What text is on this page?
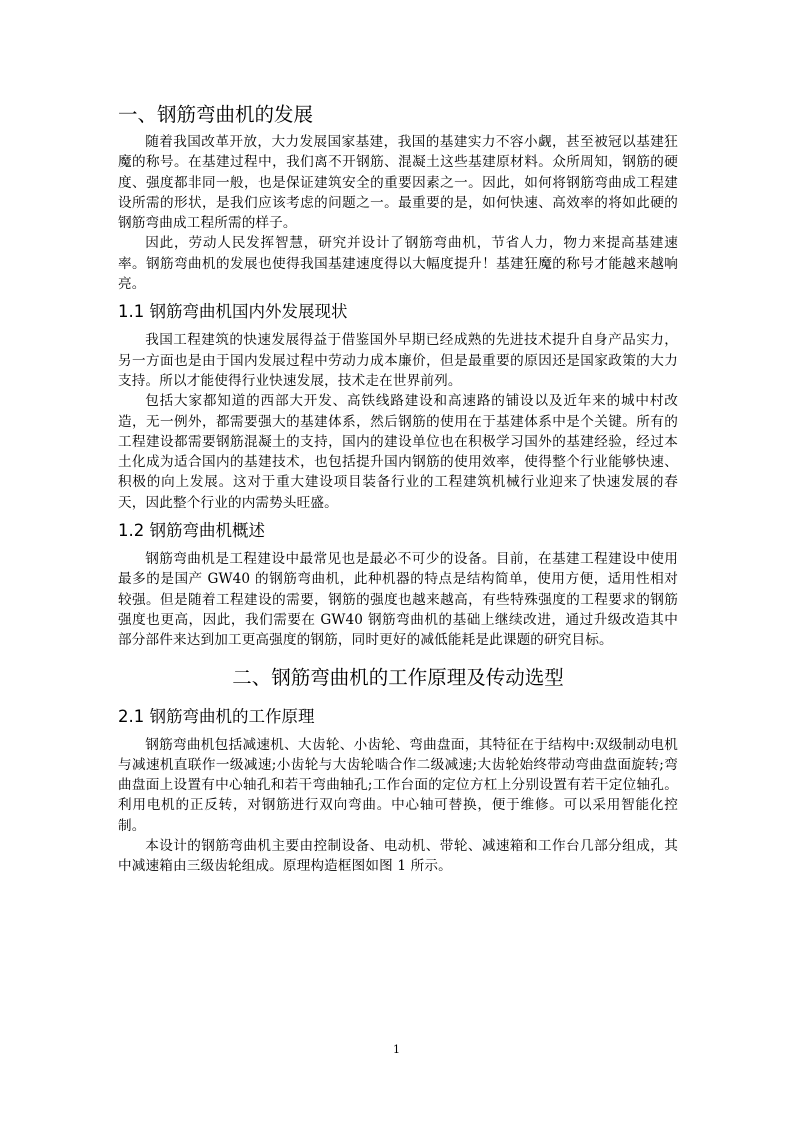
一、钢筋弯曲机的发展

随着我国改革开放，大力发展国家基建，我国的基建实力不容小觑，甚至被冠以基建狂魔的称号。在基建过程中，我们离不开钢筋、混凝土这些基建原材料。众所周知，钢筋的硬度、强度都非同一般，也是保证建筑安全的重要因素之一。因此，如何将钢筋弯曲成工程建设所需的形状，是我们应该考虑的问题之一。最重要的是，如何快速、高效率的将如此硬的钢筋弯曲成工程所需的样子。

因此，劳动人民发挥智慧，研究并设计了钢筋弯曲机，节省人力，物力来提高基建速率。钢筋弯曲机的发展也使得我国基建速度得以大幅度提升！基建狂魔的称号才能越来越响亮。

1.1 钢筋弯曲机国内外发展现状

我国工程建筑的快速发展得益于借鉴国外早期已经成熟的先进技术提升自身产品实力，另一方面也是由于国内发展过程中劳动力成本廉价，但是最重要的原因还是国家政策的大力支持。所以才能使得行业快速发展，技术走在世界前列。

包括大家都知道的西部大开发、高铁线路建设和高速路的铺设以及近年来的城中村改造，无一例外，都需要强大的基建体系，然后钢筋的使用在于基建体系中是个关键。所有的工程建设都需要钢筋混凝土的支持，国内的建设单位也在积极学习国外的基建经验，经过本土化成为适合国内的基建技术，也包括提升国内钢筋的使用效率，使得整个行业能够快速、积极的向上发展。这对于重大建设项目装备行业的工程建筑机械行业迎来了快速发展的春天，因此整个行业的内需势头旺盛。

1.2 钢筋弯曲机概述

钢筋弯曲机是工程建设中最常见也是最必不可少的设备。目前，在基建工程建设中使用最多的是国产 GW40 的钢筋弯曲机，此种机器的特点是结构简单，使用方便，适用性相对较强。但是随着工程建设的需要，钢筋的强度也越来越高，有些特殊强度的工程要求的钢筋强度也更高，因此，我们需要在 GW40 钢筋弯曲机的基础上继续改进，通过升级改造其中部分部件来达到加工更高强度的钢筋，同时更好的减低能耗是此课题的研究目标。

二、钢筋弯曲机的工作原理及传动选型
2.1 钢筋弯曲机的工作原理

钢筋弯曲机包括减速机、大齿轮、小齿轮、弯曲盘面，其特征在于结构中:双级制动电机与减速机直联作一级减速;小齿轮与大齿轮啮合作二级减速;大齿轮始终带动弯曲盘面旋转;弯曲盘面上设置有中心轴孔和若干弯曲轴孔;工作台面的定位方杠上分别设置有若干定位轴孔。利用电机的正反转，对钢筋进行双向弯曲。中心轴可替换，便于维修。可以采用智能化控制。

本设计的钢筋弯曲机主要由控制设备、电动机、带轮、减速箱和工作台几部分组成，其中减速箱由三级齿轮组成。原理构造框图如图 1 所示。

1
